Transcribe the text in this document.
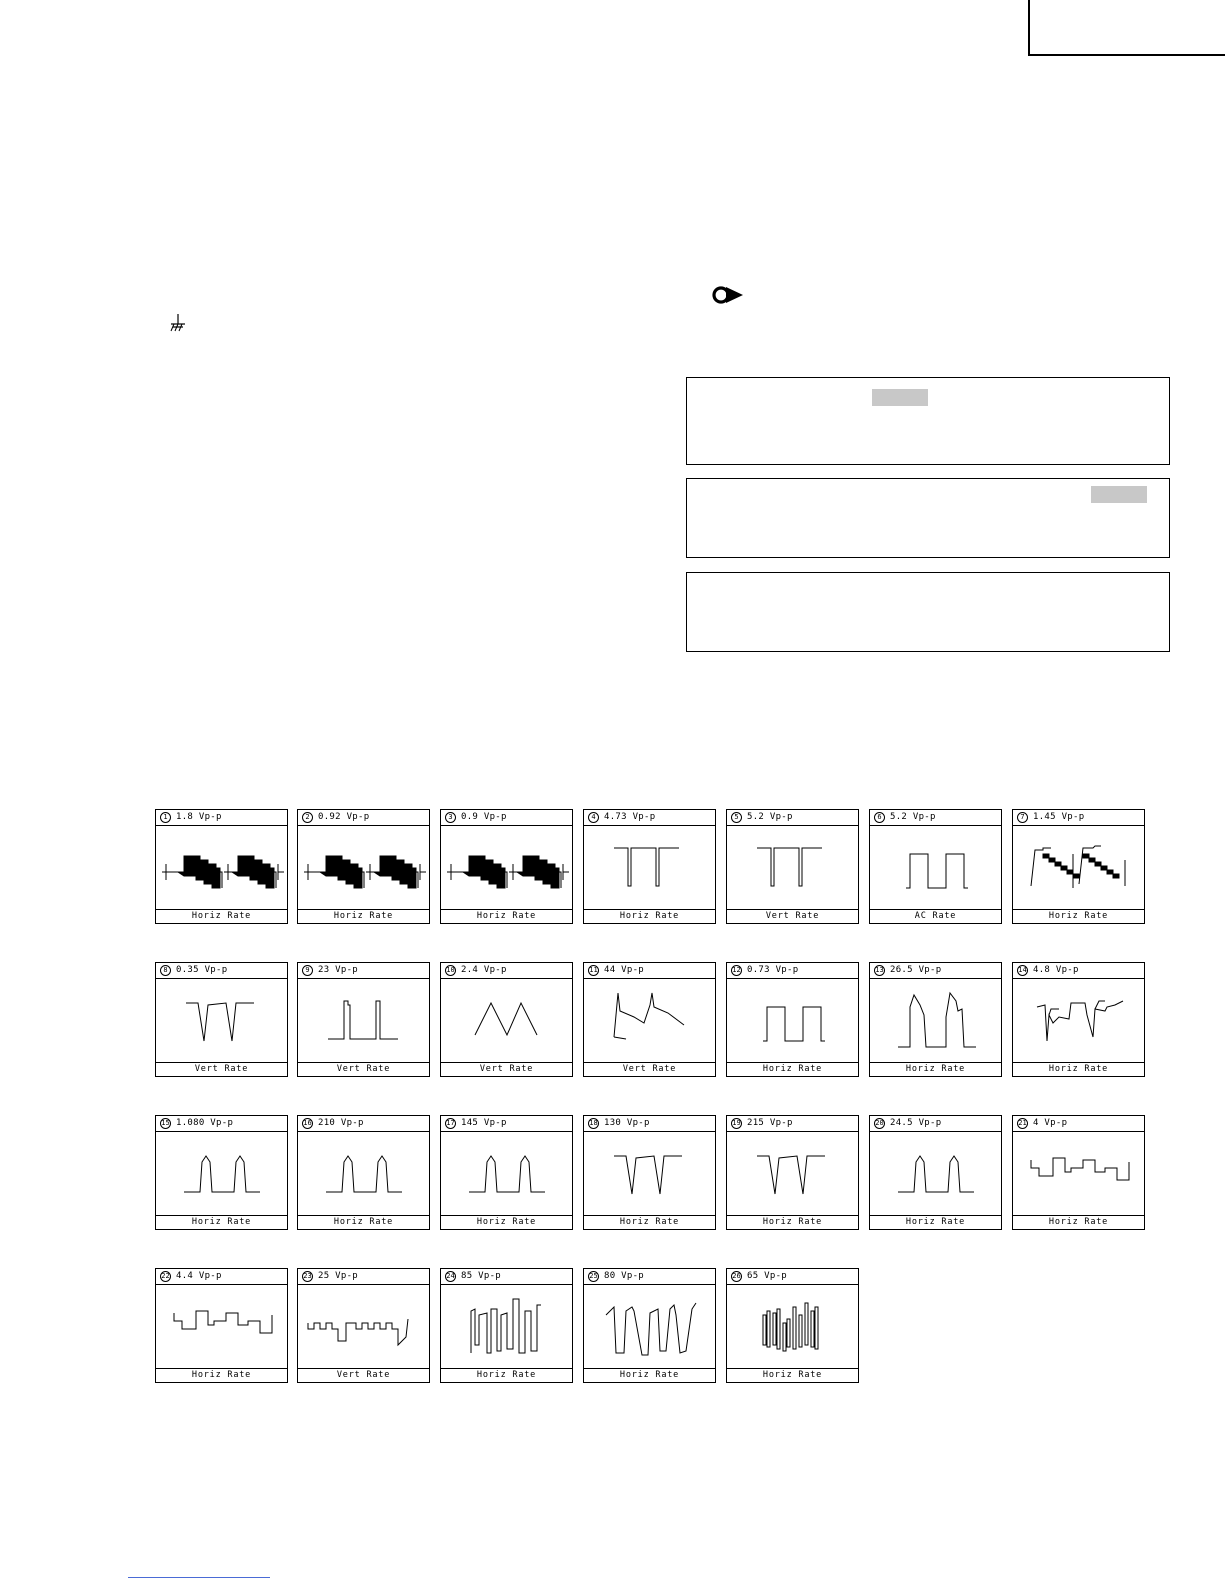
1 1.8 Vp-p
Horiz Rate
2 0.92 Vp-p
Horiz Rate
3 0.9 Vp-p
Horiz Rate
4 4.73 Vp-p
Horiz Rate
5 5.2 Vp-p
Vert Rate
6 5.2 Vp-p
AC Rate
7 1.45 Vp-p
Horiz Rate
8 0.35 Vp-p
Vert Rate
9 23 Vp-p
Vert Rate
10 2.4 Vp-p
Vert Rate
11 44 Vp-p
Vert Rate
12 0.73 Vp-p
Horiz Rate
13 26.5 Vp-p
Horiz Rate
14 4.8 Vp-p
Horiz Rate
15 1.080 Vp-p
Horiz Rate
16 210 Vp-p
Horiz Rate
17 145 Vp-p
Horiz Rate
18 130 Vp-p
Horiz Rate
19 215 Vp-p
Horiz Rate
20 24.5 Vp-p
Horiz Rate
21 4 Vp-p
Horiz Rate
22 4.4 Vp-p
Horiz Rate
23 25 Vp-p
Vert Rate
24 85 Vp-p
Horiz Rate
25 80 Vp-p
Horiz Rate
26 65 Vp-p
Horiz Rate
